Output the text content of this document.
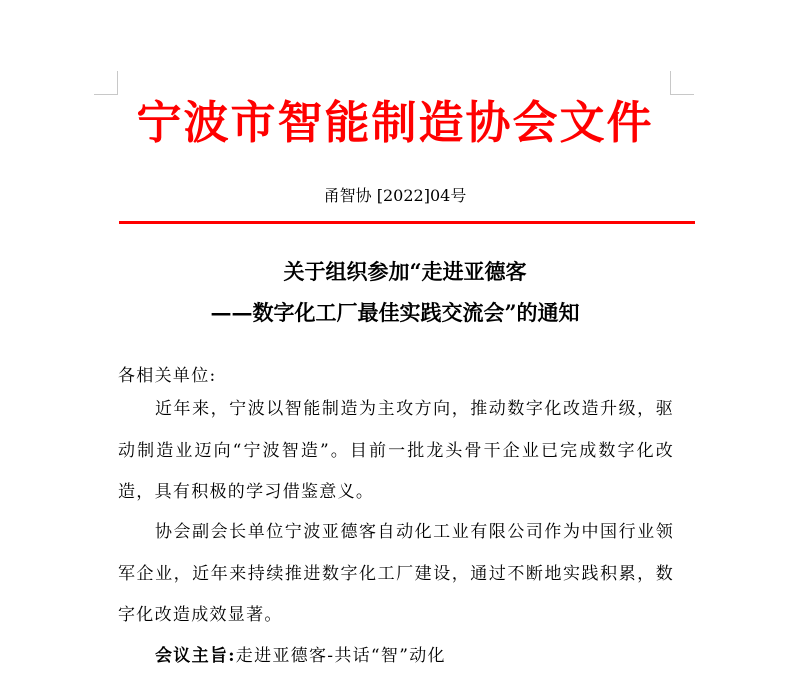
宁波市智能制造协会文件
甬智协 [2022]04号
关于组织参加“走进亚德客
——数字化工厂最佳实践交流会”的通知
各相关单位:
近年来，宁波以智能制造为主攻方向，推动数字化改造升级，驱动制造业迈向“宁波智造”。目前一批龙头骨干企业已完成数字化改造，具有积极的学习借鉴意义。
协会副会长单位宁波亚德客自动化工业有限公司作为中国行业领军企业，近年来持续推进数字化工厂建设，通过不断地实践积累，数字化改造成效显著。
会议主旨:走进亚德客-共话“智”动化
